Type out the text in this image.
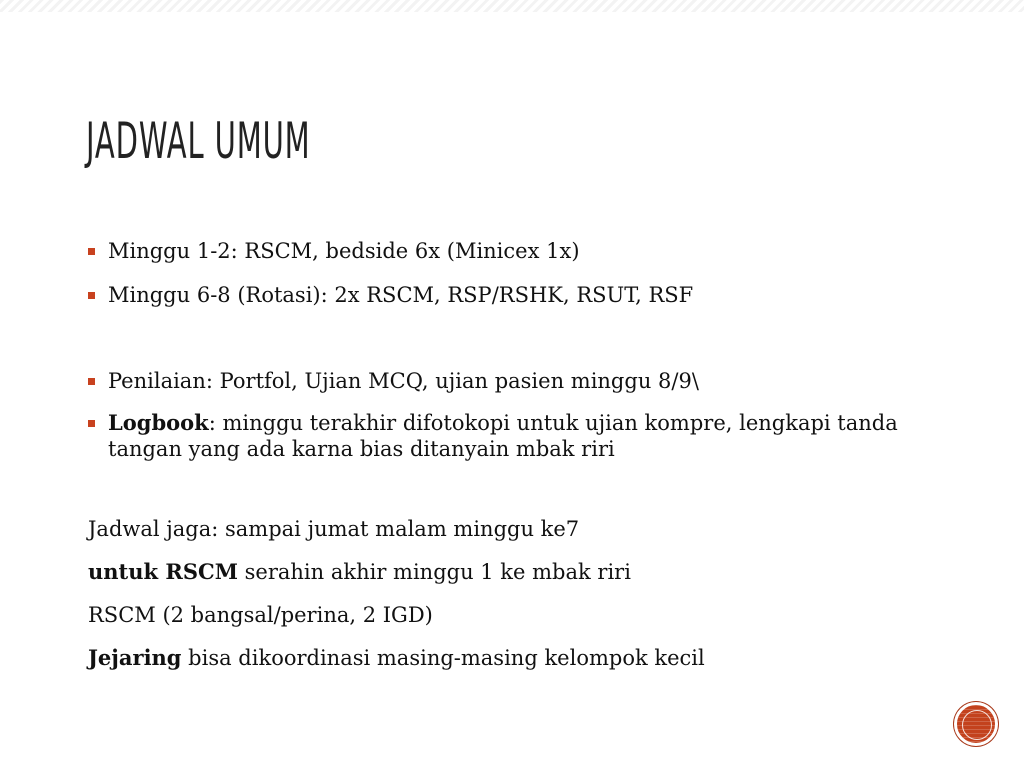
JADWAL UMUM
Minggu 1-2: RSCM, bedside 6x (Minicex 1x)
Minggu 6-8 (Rotasi): 2x RSCM, RSP/RSHK, RSUT, RSF
Penilaian: Portfol, Ujian MCQ, ujian pasien minggu 8/9\
Logbook: minggu terakhir difotokopi untuk ujian kompre, lengkapi tanda tangan yang ada karna bias ditanyain mbak riri

Jadwal jaga: sampai jumat malam minggu ke7

untuk RSCM serahin akhir minggu 1 ke mbak riri

RSCM (2 bangsal/perina, 2 IGD)

Jejaring bisa dikoordinasi masing-masing kelompok kecil
